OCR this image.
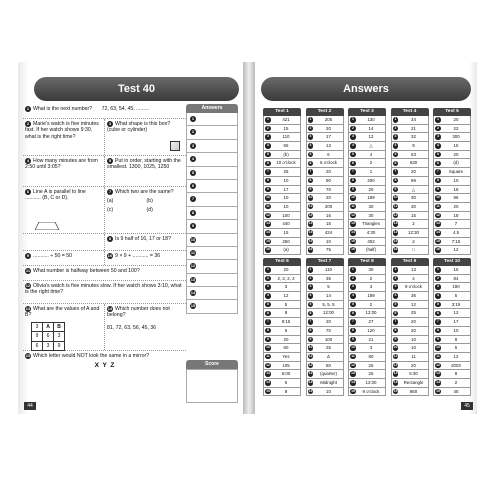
Test 40
1 What is the next number? 72, 63, 54, 45, .........
2 Marie's watch is five minutes fast. If her watch shows 9:30, what is the right time?
3 What shape is this box? (cube or cylinder)
4 How many minutes are from 2:50 until 3:05?
5 Put in order, starting with the smallest. 1300, 1025, 1250
6 Line A is parallel to line ........... (B, C or D).
7 Which two are the same?
(a)	(b)
(c)	(d)
8 Is 9 half of 16, 17 or 18?
9 ........... ÷ 50 = 50	10 9 × 9 + ........... = 36
11 What number is halfway between 50 and 100?
12 Olivia's watch is five minutes slow. If her watch shows 3:10, what is the right time?
13 What are the values of A and B?
3	A	B
9	6	3
6	3	9
14 Which number does not belong?
81, 72, 63, 56, 45, 36
15 Which letter would NOT look the same in a mirror?
X  Y  Z
Answers
1
2
3
4
5
6
7
8
9
10
11
12
13
14
15
Score
44
Answers
Test 1
1	421
2	15
3	110
4	55
5	(b)
6	10 o'clock
7	25
8	10
9	17
10	10
11	10
12	100
13	440
14	15
15	250
16	(a)
Test 2
1	205
2	20
3	17
4	13
5	6
6	6 o'clock
7	20
8	90
9	70
10	20
11	200
12	16
13	15
14	424
15	10
16	75
Test 3
1	130
2	14
3	12
4	△
5	4
6	2
7	1
8	200
9	20
10	199
11	30
12	30
13	Triangles
14	4:30
15	402
16	(half)
Test 4
1	34
2	21
3	32
4	9
5	63
6	630
7	20
8	99
9	△
10	30
11	30
12	15
13	2
14	12:30
15	2
16	□
Test 5
1	20
2	22
3	300
4	15
5	20
6	(d)
7	Square
8	10
9	18
10	96
11	20
12	18
13	7
14	4.5
15	7:15
16	12
Test 6
1	20
2	2, 2, 2, 2
3	3
4	12
5	5
6	8
7	9:15
8	5
9	20
10	60
11	Yes
12	105
13	6:00
14	6
15	8
Test 7
1	110
2	35
3	5
4	14
5	5, 5, 5
6	12:00
7	20
8	70
9	100
10	25
11	∆
12	50
13	(quarter)
14	Midnight
15	10
Test 8
1	30
2	2
3	3
4	189
5	2
6	12:00
7	27
8	120
9	21
10	3
11	80
12	25
13	25
14	12:00
15	9 o'clock
Test 9
1	13
2	4
3	9 o'clock
4	36
5	12
6	25
7	20
8	20
9	10
10	10
11	11
12	20
13	6:30
14	Rectangle
15	860
Test 10
1	15
2	84
3	190
4	5
5	3:15
6	12
7	17
8	10
9	8
10	5
11	12
12	2003
13	8
14	2
15	45
45
